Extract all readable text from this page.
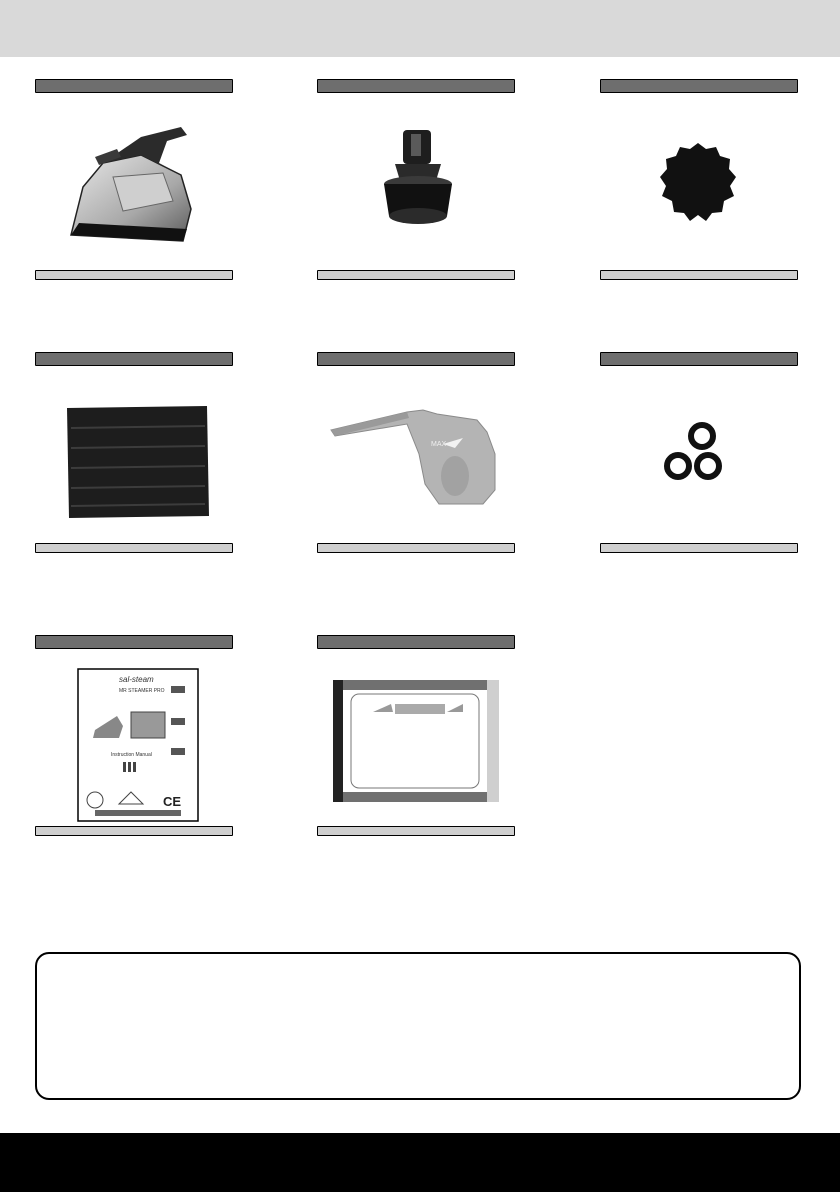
MAX
sal-steam
MR STEAMER PRO
Instruction Manual
CE
